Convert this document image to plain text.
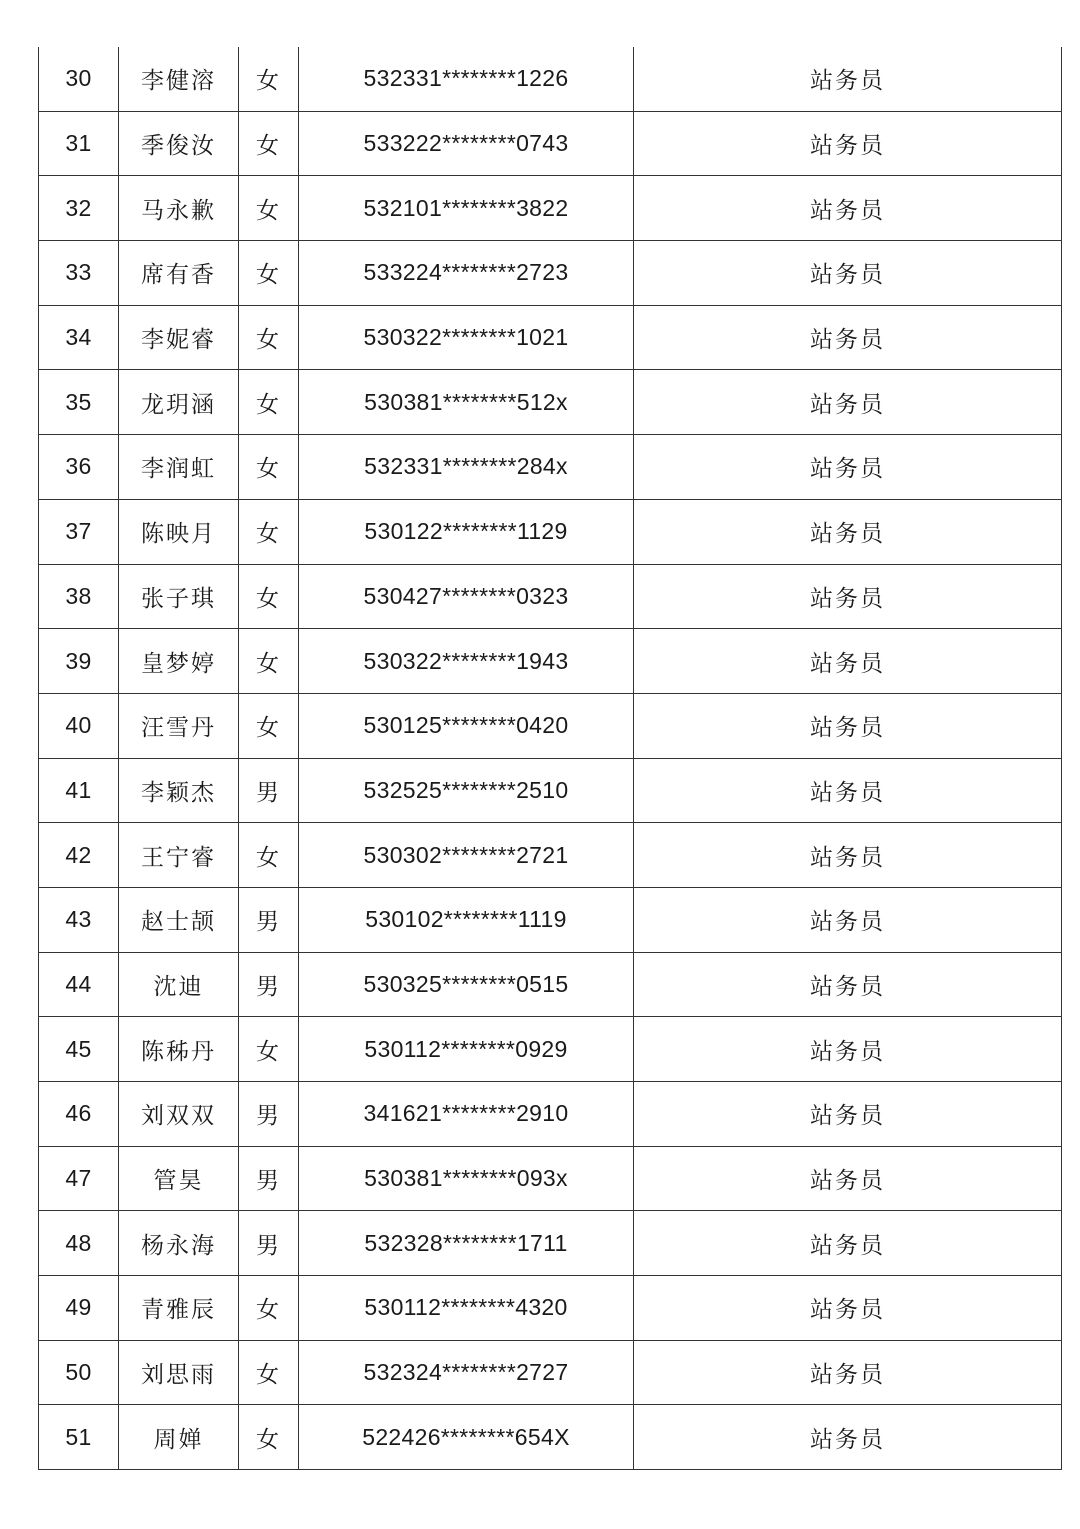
30	李健溶	女	532331********1226	站务员
31	季俊汝	女	533222********0743	站务员
32	马永歉	女	532101********3822	站务员
33	席有香	女	533224********2723	站务员
34	李妮睿	女	530322********1021	站务员
35	龙玥涵	女	530381********512x	站务员
36	李润虹	女	532331********284x	站务员
37	陈映月	女	530122********1129	站务员
38	张子琪	女	530427********0323	站务员
39	皇梦婷	女	530322********1943	站务员
40	汪雪丹	女	530125********0420	站务员
41	李颖杰	男	532525********2510	站务员
42	王宁睿	女	530302********2721	站务员
43	赵士颉	男	530102********1119	站务员
44	沈迪	男	530325********0515	站务员
45	陈秭丹	女	530112********0929	站务员
46	刘双双	男	341621********2910	站务员
47	管昊	男	530381********093x	站务员
48	杨永海	男	532328********1711	站务员
49	青雅辰	女	530112********4320	站务员
50	刘思雨	女	532324********2727	站务员
51	周婵	女	522426********654X	站务员
